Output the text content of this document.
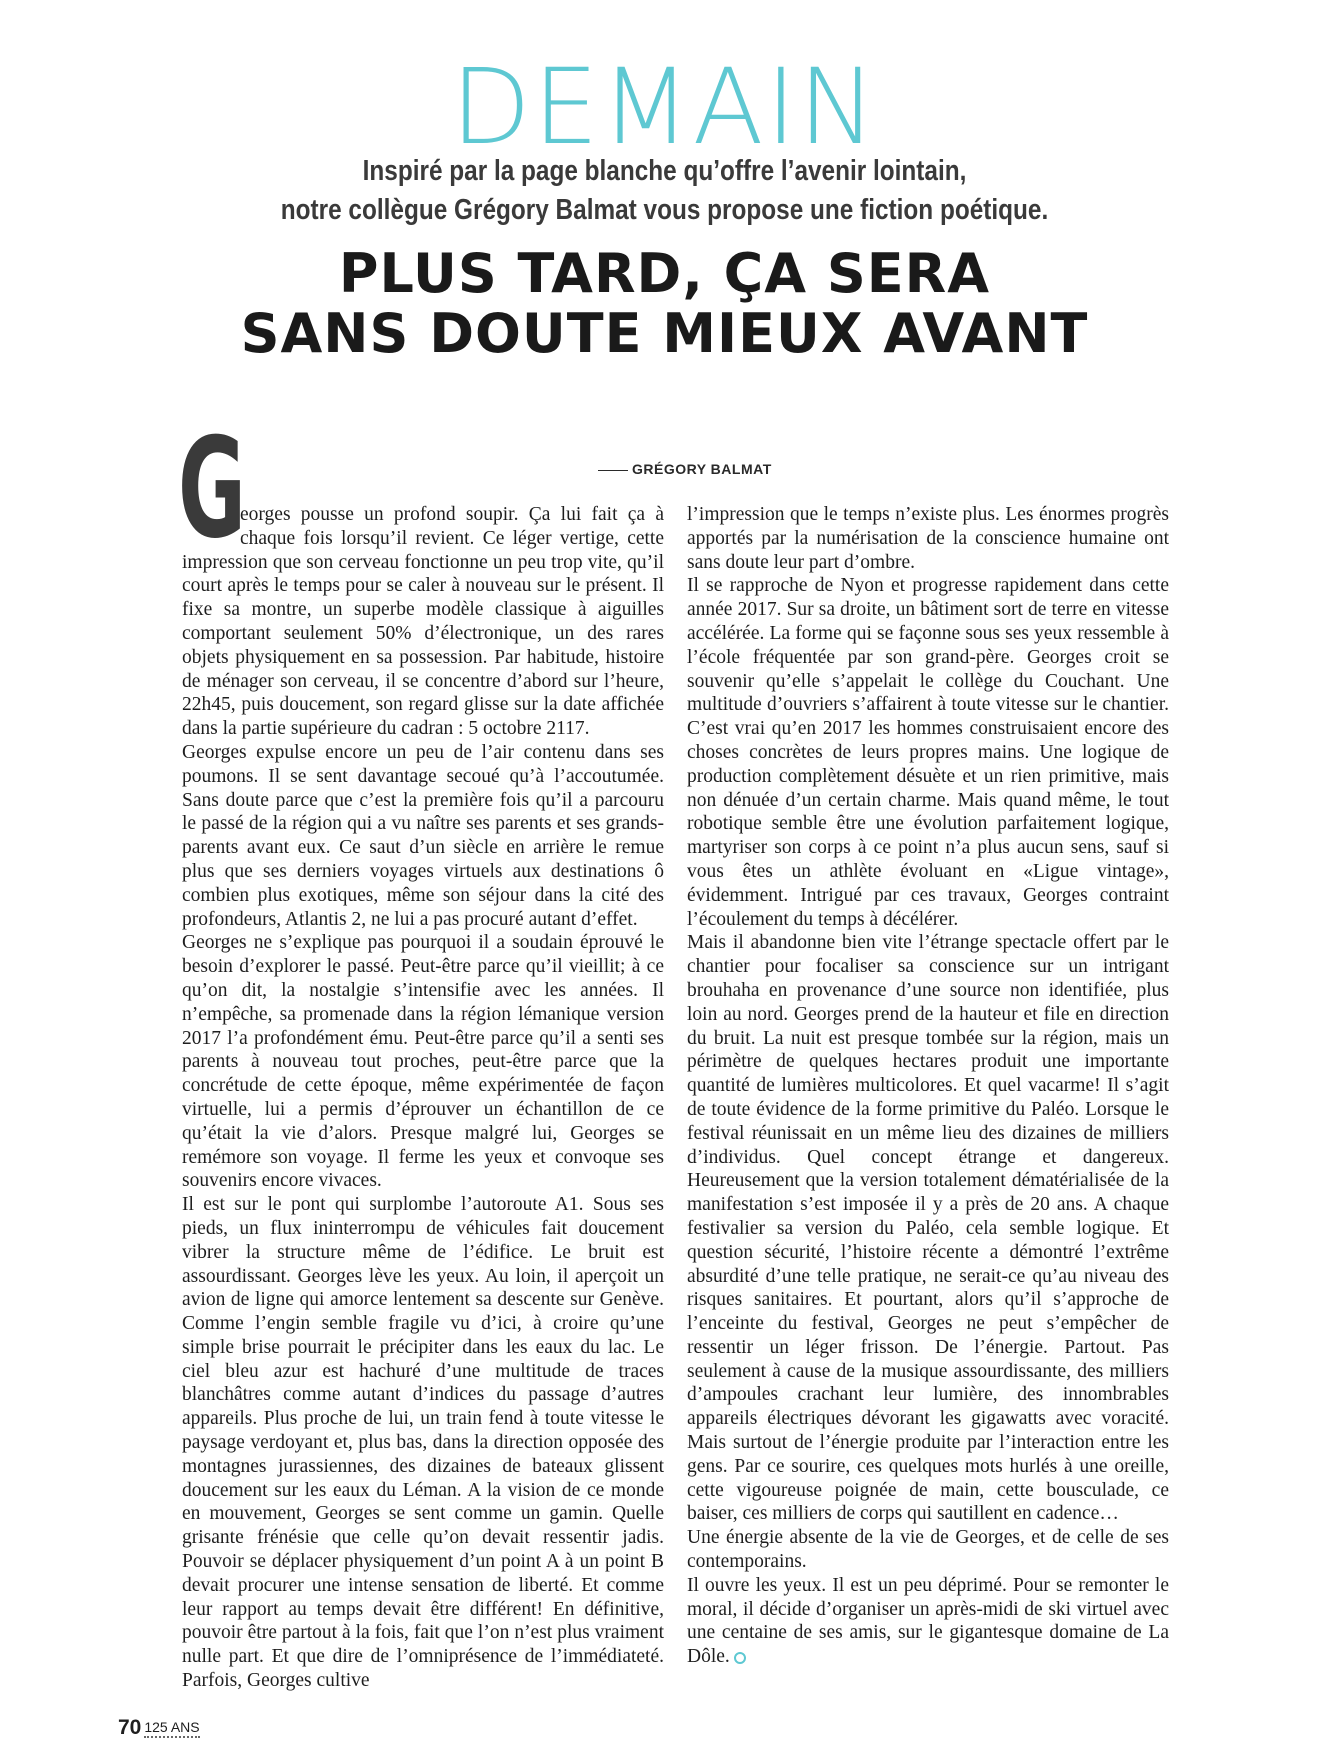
DEMAIN
Inspiré par la page blanche qu’offre l’avenir lointain,
notre collègue Grégory Balmat vous propose une fiction poétique.
PLUS TARD, ÇA SERA
SANS DOUTE MIEUX AVANT
GRÉGORY BALMAT
G

eorges pousse un profond soupir. Ça lui fait ça à chaque fois lorsqu’il revient. Ce léger vertige, cette impression que son cerveau fonctionne un peu trop vite, qu’il court après le temps pour se caler à nouveau sur le présent. Il fixe sa montre, un superbe modèle classique à aiguilles comportant seulement 50% d’électronique, un des rares objets physiquement en sa possession. Par habitude, histoire de ménager son cerveau, il se concentre d’abord sur l’heure, 22h45, puis doucement, son regard glisse sur la date affichée dans la partie supérieure du cadran : 5 octobre 2117.

Georges expulse encore un peu de l’air contenu dans ses poumons. Il se sent davantage secoué qu’à l’accoutumée. Sans doute parce que c’est la première fois qu’il a parcouru le passé de la région qui a vu naître ses parents et ses grands-parents avant eux. Ce saut d’un siècle en arrière le remue plus que ses derniers voyages virtuels aux destinations ô combien plus exotiques, même son séjour dans la cité des profondeurs, Atlantis 2, ne lui a pas procuré autant d’effet.

Georges ne s’explique pas pourquoi il a soudain éprouvé le besoin d’explorer le passé. Peut-être parce qu’il vieillit; à ce qu’on dit, la nostalgie s’intensifie avec les années. Il n’empêche, sa promenade dans la région lémanique version 2017 l’a profondément ému. Peut-être parce qu’il a senti ses parents à nouveau tout proches, peut-être parce que la concrétude de cette époque, même expérimentée de façon virtuelle, lui a permis d’éprouver un échantillon de ce qu’était la vie d’alors. Presque malgré lui, Georges se remémore son voyage. Il ferme les yeux et convoque ses souvenirs encore vivaces.

Il est sur le pont qui surplombe l’autoroute A1. Sous ses pieds, un flux ininterrompu de véhicules fait doucement vibrer la structure même de l’édifice. Le bruit est assourdissant. Georges lève les yeux. Au loin, il aperçoit un avion de ligne qui amorce lentement sa descente sur Genève. Comme l’engin semble fragile vu d’ici, à croire qu’une simple brise pourrait le précipiter dans les eaux du lac. Le ciel bleu azur est hachuré d’une multitude de traces blanchâtres comme autant d’indices du passage d’autres appareils. Plus proche de lui, un train fend à toute vitesse le paysage verdoyant et, plus bas, dans la direction opposée des montagnes jurassiennes, des dizaines de bateaux glissent doucement sur les eaux du Léman. A la vision de ce monde en mouvement, Georges se sent comme un gamin. Quelle grisante frénésie que celle qu’on devait ressentir jadis. Pouvoir se déplacer physiquement d’un point A à un point B devait procurer une intense sensation de liberté. Et comme leur rapport au temps devait être différent! En définitive, pouvoir être partout à la fois, fait que l’on n’est plus vraiment nulle part. Et que dire de l’omniprésence de l’immédiateté. Parfois, Georges cultive

l’impression que le temps n’existe plus. Les énormes progrès apportés par la numérisation de la conscience humaine ont sans doute leur part d’ombre.

Il se rapproche de Nyon et progresse rapidement dans cette année 2017. Sur sa droite, un bâtiment sort de terre en vitesse accélérée. La forme qui se façonne sous ses yeux ressemble à l’école fréquentée par son grand-père. Georges croit se souvenir qu’elle s’appelait le collège du Couchant. Une multitude d’ouvriers s’affairent à toute vitesse sur le chantier. C’est vrai qu’en 2017 les hommes construisaient encore des choses concrètes de leurs propres mains. Une logique de production complètement désuète et un rien primitive, mais non dénuée d’un certain charme. Mais quand même, le tout robotique semble être une évolution parfaitement logique, martyriser son corps à ce point n’a plus aucun sens, sauf si vous êtes un athlète évoluant en «Ligue vintage», évidemment. Intrigué par ces travaux, Georges contraint l’écoulement du temps à décélérer.

Mais il abandonne bien vite l’étrange spectacle offert par le chantier pour focaliser sa conscience sur un intrigant brouhaha en provenance d’une source non identifiée, plus loin au nord. Georges prend de la hauteur et file en direction du bruit. La nuit est presque tombée sur la région, mais un périmètre de quelques hectares produit une importante quantité de lumières multicolores. Et quel vacarme! Il s’agit de toute évidence de la forme primitive du Paléo. Lorsque le festival réunissait en un même lieu des dizaines de milliers d’individus. Quel concept étrange et dangereux. Heureusement que la version totalement dématérialisée de la manifestation s’est imposée il y a près de 20 ans. A chaque festivalier sa version du Paléo, cela semble logique. Et question sécurité, l’histoire récente a démontré l’extrême absurdité d’une telle pratique, ne serait-ce qu’au niveau des risques sanitaires. Et pourtant, alors qu’il s’approche de l’enceinte du festival, Georges ne peut s’empêcher de ressentir un léger frisson. De l’énergie. Partout. Pas seulement à cause de la musique assourdissante, des milliers d’ampoules crachant leur lumière, des innombrables appareils électriques dévorant les gigawatts avec voracité. Mais surtout de l’énergie produite par l’interaction entre les gens. Par ce sourire, ces quelques mots hurlés à une oreille, cette vigoureuse poignée de main, cette bousculade, ce baiser, ces milliers de corps qui sautillent en cadence…

Une énergie absente de la vie de Georges, et de celle de ses contemporains.

Il ouvre les yeux. Il est un peu déprimé. Pour se remonter le moral, il décide d’organiser un après-midi de ski virtuel avec une centaine de ses amis, sur le gigantesque domaine de La Dôle.

70 125 ANS
